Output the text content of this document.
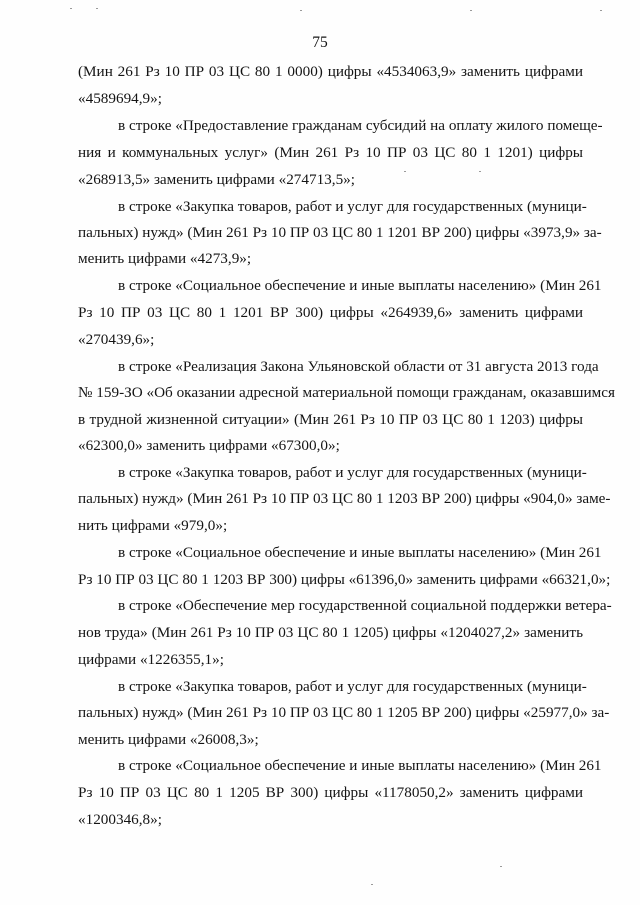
75
(Мин 261 Рз 10 ПР 03 ЦС 80 1 0000) цифры «4534063,9» заменить цифрами
«4589694,9»;
в строке «Предоставление гражданам субсидий на оплату жилого помеще-
ния и коммунальных услуг» (Мин 261 Рз 10 ПР 03 ЦС 80 1 1201) цифры
«268913,5» заменить цифрами «274713,5»;
в строке «Закупка товаров, работ и услуг для государственных (муници-
пальных) нужд» (Мин 261 Рз 10 ПР 03 ЦС 80 1 1201 ВР 200) цифры «3973,9» за-
менить цифрами «4273,9»;
в строке «Социальное обеспечение и иные выплаты населению» (Мин 261
Рз 10 ПР 03 ЦС 80 1 1201 ВР 300) цифры «264939,6» заменить цифрами
«270439,6»;
в строке «Реализация Закона Ульяновской области от 31 августа 2013 года
№ 159-ЗО «Об оказании адресной материальной помощи гражданам, оказавшимся
в трудной жизненной ситуации» (Мин 261 Рз 10 ПР 03 ЦС 80 1 1203) цифры
«62300,0» заменить цифрами «67300,0»;
в строке «Закупка товаров, работ и услуг для государственных (муници-
пальных) нужд» (Мин 261 Рз 10 ПР 03 ЦС 80 1 1203 ВР 200) цифры «904,0» заме-
нить цифрами «979,0»;
в строке «Социальное обеспечение и иные выплаты населению» (Мин 261
Рз 10 ПР 03 ЦС 80 1 1203 ВР 300) цифры «61396,0» заменить цифрами «66321,0»;
в строке «Обеспечение мер государственной социальной поддержки ветера-
нов труда» (Мин 261 Рз 10 ПР 03 ЦС 80 1 1205) цифры «1204027,2» заменить
цифрами «1226355,1»;
в строке «Закупка товаров, работ и услуг для государственных (муници-
пальных) нужд» (Мин 261 Рз 10 ПР 03 ЦС 80 1 1205 ВР 200) цифры «25977,0» за-
менить цифрами «26008,3»;
в строке «Социальное обеспечение и иные выплаты населению» (Мин 261
Рз 10 ПР 03 ЦС 80 1 1205 ВР 300) цифры «1178050,2» заменить цифрами
«1200346,8»;
